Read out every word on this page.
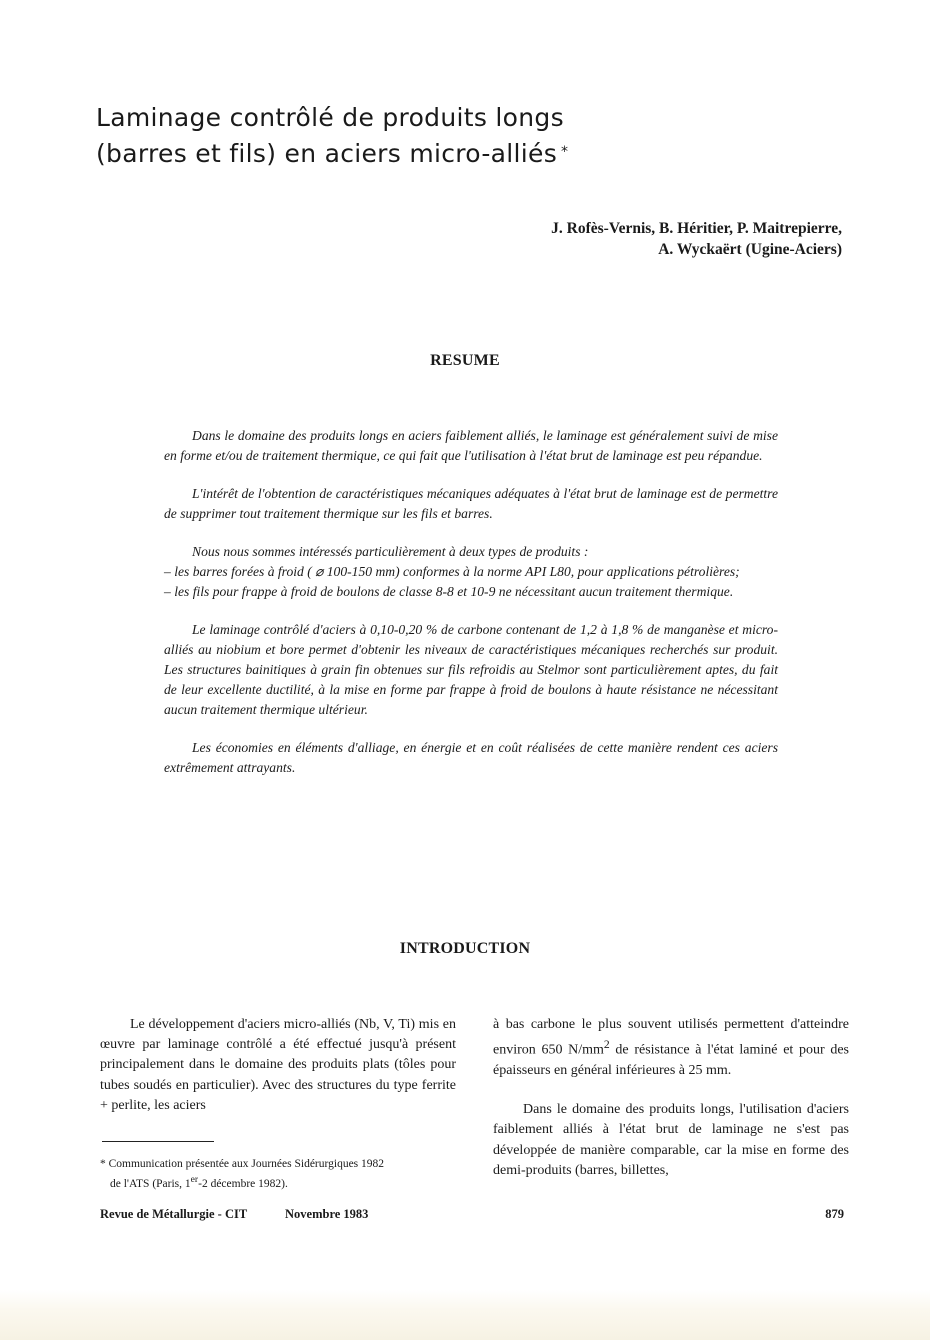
Laminage contrôlé de produits longs
(barres et fils) en aciers micro-alliés *
J. Rofès-Vernis, B. Héritier, P. Maitrepierre,
A. Wyckaërt (Ugine-Aciers)
RESUME

Dans le domaine des produits longs en aciers faiblement alliés, le laminage est généralement suivi de mise en forme et/ou de traitement thermique, ce qui fait que l'utilisation à l'état brut de laminage est peu répandue.

L'intérêt de l'obtention de caractéristiques mécaniques adéquates à l'état brut de laminage est de permettre de supprimer tout traitement thermique sur les fils et barres.

Nous nous sommes intéressés particulièrement à deux types de produits :

– les barres forées à froid ( ⌀ 100-150 mm) conformes à la norme API L80, pour applications pétrolières;

– les fils pour frappe à froid de boulons de classe 8-8 et 10-9 ne nécessitant aucun traitement thermique.

Le laminage contrôlé d'aciers à 0,10-0,20 % de carbone contenant de 1,2 à 1,8 % de manganèse et micro-alliés au niobium et bore permet d'obtenir les niveaux de caractéristiques mécaniques recherchés sur produit. Les structures bainitiques à grain fin obtenues sur fils refroidis au Stelmor sont particulièrement aptes, du fait de leur excellente ductilité, à la mise en forme par frappe à froid de boulons à haute résistance ne nécessitant aucun traitement thermique ultérieur.

Les économies en éléments d'alliage, en énergie et en coût réalisées de cette manière rendent ces aciers extrêmement attrayants.

INTRODUCTION

Le développement d'aciers micro-alliés (Nb, V, Ti) mis en œuvre par laminage contrôlé a été effectué jusqu'à présent principalement dans le domaine des produits plats (tôles pour tubes soudés en particulier). Avec des structures du type ferrite + perlite, les aciers

à bas carbone le plus souvent utilisés permettent d'atteindre environ 650 $N/mm^2$ de résistance à l'état laminé et pour des épaisseurs en général inférieures à 25 mm.

Dans le domaine des produits longs, l'utilisation d'aciers faiblement alliés à l'état brut de laminage ne s'est pas développée de manière comparable, car la mise en forme des demi-produits (barres, billettes,

* Communication présentée aux Journées Sidérurgiques 1982
de l'ATS (Paris, 1er-2 décembre 1982).
Revue de Métallurgie - CIT	Novembre 1983	879
